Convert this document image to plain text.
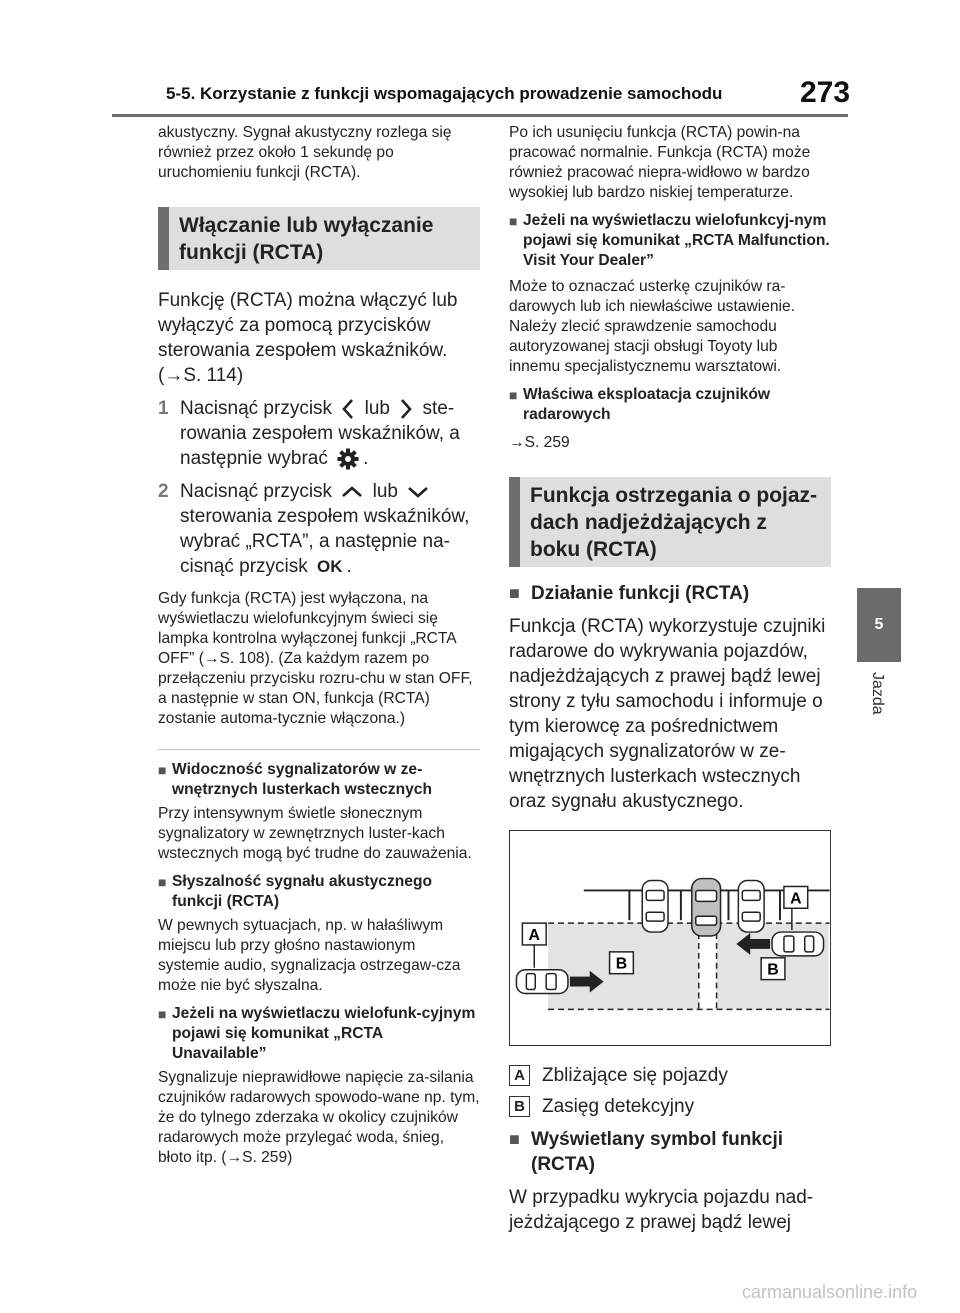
5-5. Korzystanie z funkcji wspomagających prowadzenie samochodu	273
5
Jazda

akustyczny. Sygnał akustyczny rozlega się również przez około 1 sekundę po uruchomieniu funkcji (RCTA).

Włączanie lub wyłączanie funkcji (RCTA)

Funkcję (RCTA) można włączyć lub wyłączyć za pomocą przycisków sterowania zespołem wskaźników. (→S. 114)

1 Nacisnąć przycisk lub ste-rowania zespołem wskaźników, a następnie wybrać .
2 Nacisnąć przycisk lub  sterowania zespołem wskaźników, wybrać „RCTA”, a następnie na-cisnąć przycisk OK .

Gdy funkcja (RCTA) jest wyłączona, na wyświetlaczu wielofunkcyjnym świeci się lampka kontrolna wyłączonej funkcji „RCTA OFF” (→S. 108). (Za każdym razem po przełączeniu przycisku rozru-chu w stan OFF, a następnie w stan ON, funkcja (RCTA) zostanie automa-tycznie włączona.)

■ Widoczność sygnalizatorów w ze-wnętrznych lusterkach wstecznych

Przy intensywnym świetle słonecznym sygnalizatory w zewnętrznych luster-kach wstecznych mogą być trudne do zauważenia.

■ Słyszalność sygnału akustycznego funkcji (RCTA)

W pewnych sytuacjach, np. w hałaśliwym miejscu lub przy głośno nastawionym systemie audio, sygnalizacja ostrzegaw-cza może nie być słyszalna.

■ Jeżeli na wyświetlaczu wielofunk-cyjnym pojawi się komunikat „RCTA Unavailable”

Sygnalizuje nieprawidłowe napięcie za-silania czujników radarowych spowodo-wane np. tym, że do tylnego zderzaka w okolicy czujników radarowych może przylegać woda, śnieg, błoto itp. (→S. 259)

Po ich usunięciu funkcja (RCTA) powin-na pracować normalnie. Funkcja (RCTA) może również pracować niepra-widłowo w bardzo wysokiej lub bardzo niskiej temperaturze.

■ Jeżeli na wyświetlaczu wielofunkcyj-nym pojawi się komunikat „RCTA Malfunction. Visit Your Dealer”

Może to oznaczać usterkę czujników ra-darowych lub ich niewłaściwe ustawienie. Należy zlecić sprawdzenie samochodu autoryzowanej stacji obsługi Toyoty lub innemu specjalistycznemu warsztatowi.

■ Właściwa eksploatacja czujników radarowych

→S. 259

Funkcja ostrzegania o pojaz-dach nadjeżdżających z boku (RCTA)
■ Działanie funkcji (RCTA)

Funkcja (RCTA) wykorzystuje czujniki radarowe do wykrywania pojazdów, nadjeżdżających z prawej bądź lewej strony z tyłu samochodu i informuje o tym kierowcę za pośrednictwem migających sygnalizatorów w ze-wnętrznych lusterkach wstecznych oraz sygnału akustycznego.

A
A
B	B
A Zbliżające się pojazdy
B Zasięg detekcyjny
■ Wyświetlany symbol funkcji (RCTA)

W przypadku wykrycia pojazdu nad-jeżdżającego z prawej bądź lewej

carmanualsonline.info
